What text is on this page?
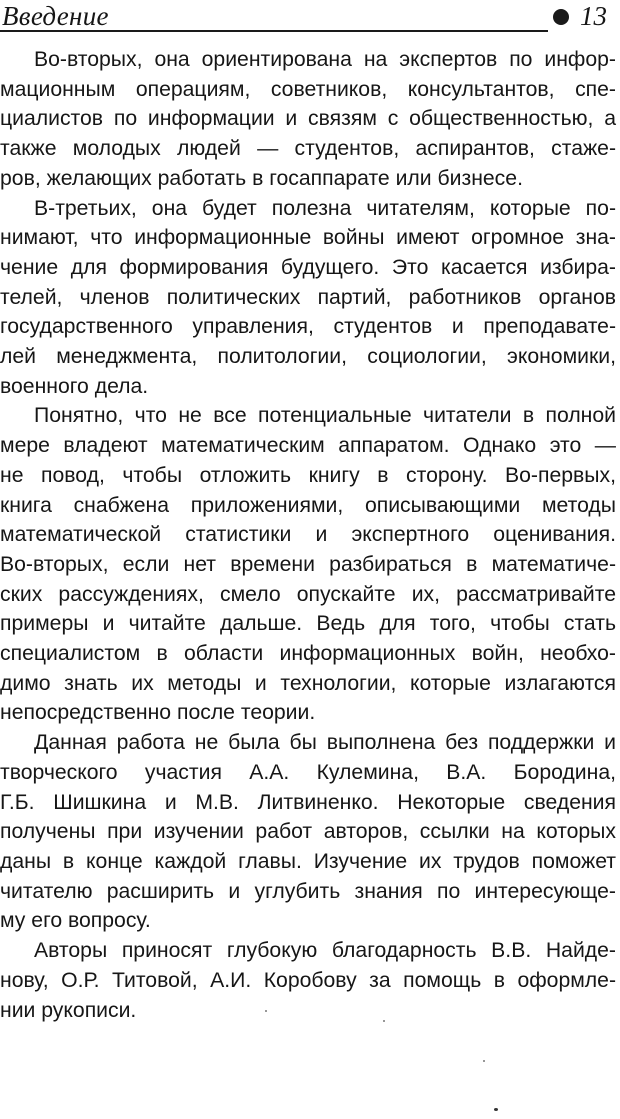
Введение	13

Во-вторых, она ориентирована на экспертов по инфор-
мационным операциям, советников, консультантов, спе-
циалистов по информации и связям с общественностью, а
также молодых людей — студентов, аспирантов, стаже-
ров, желающих работать в госаппарате или бизнесе.

В-третьих, она будет полезна читателям, которые по-
нимают, что информационные войны имеют огромное зна-
чение для формирования будущего. Это касается избира-
телей, членов политических партий, работников органов
государственного управления, студентов и преподавате-
лей менеджмента, политологии, социологии, экономики,
военного дела.

Понятно, что не все потенциальные читатели в полной
мере владеют математическим аппаратом. Однако это —
не повод, чтобы отложить книгу в сторону. Во-первых,
книга снабжена приложениями, описывающими методы
математической статистики и экспертного оценивания.
Во-вторых, если нет времени разбираться в математиче-
ских рассуждениях, смело опускайте их, рассматривайте
примеры и читайте дальше. Ведь для того, чтобы стать
специалистом в области информационных войн, необхо-
димо знать их методы и технологии, которые излагаются
непосредственно после теории.

Данная работа не была бы выполнена без поддержки и
творческого участия А.А. Кулемина, В.А. Бородина,
Г.Б. Шишкина и М.В. Литвиненко. Некоторые сведения
получены при изучении работ авторов, ссылки на которых
даны в конце каждой главы. Изучение их трудов поможет
читателю расширить и углубить знания по интересующе-
му его вопросу.

Авторы приносят глубокую благодарность В.В. Найде-
нову, О.Р. Титовой, А.И. Коробову за помощь в оформле-
нии рукописи.
